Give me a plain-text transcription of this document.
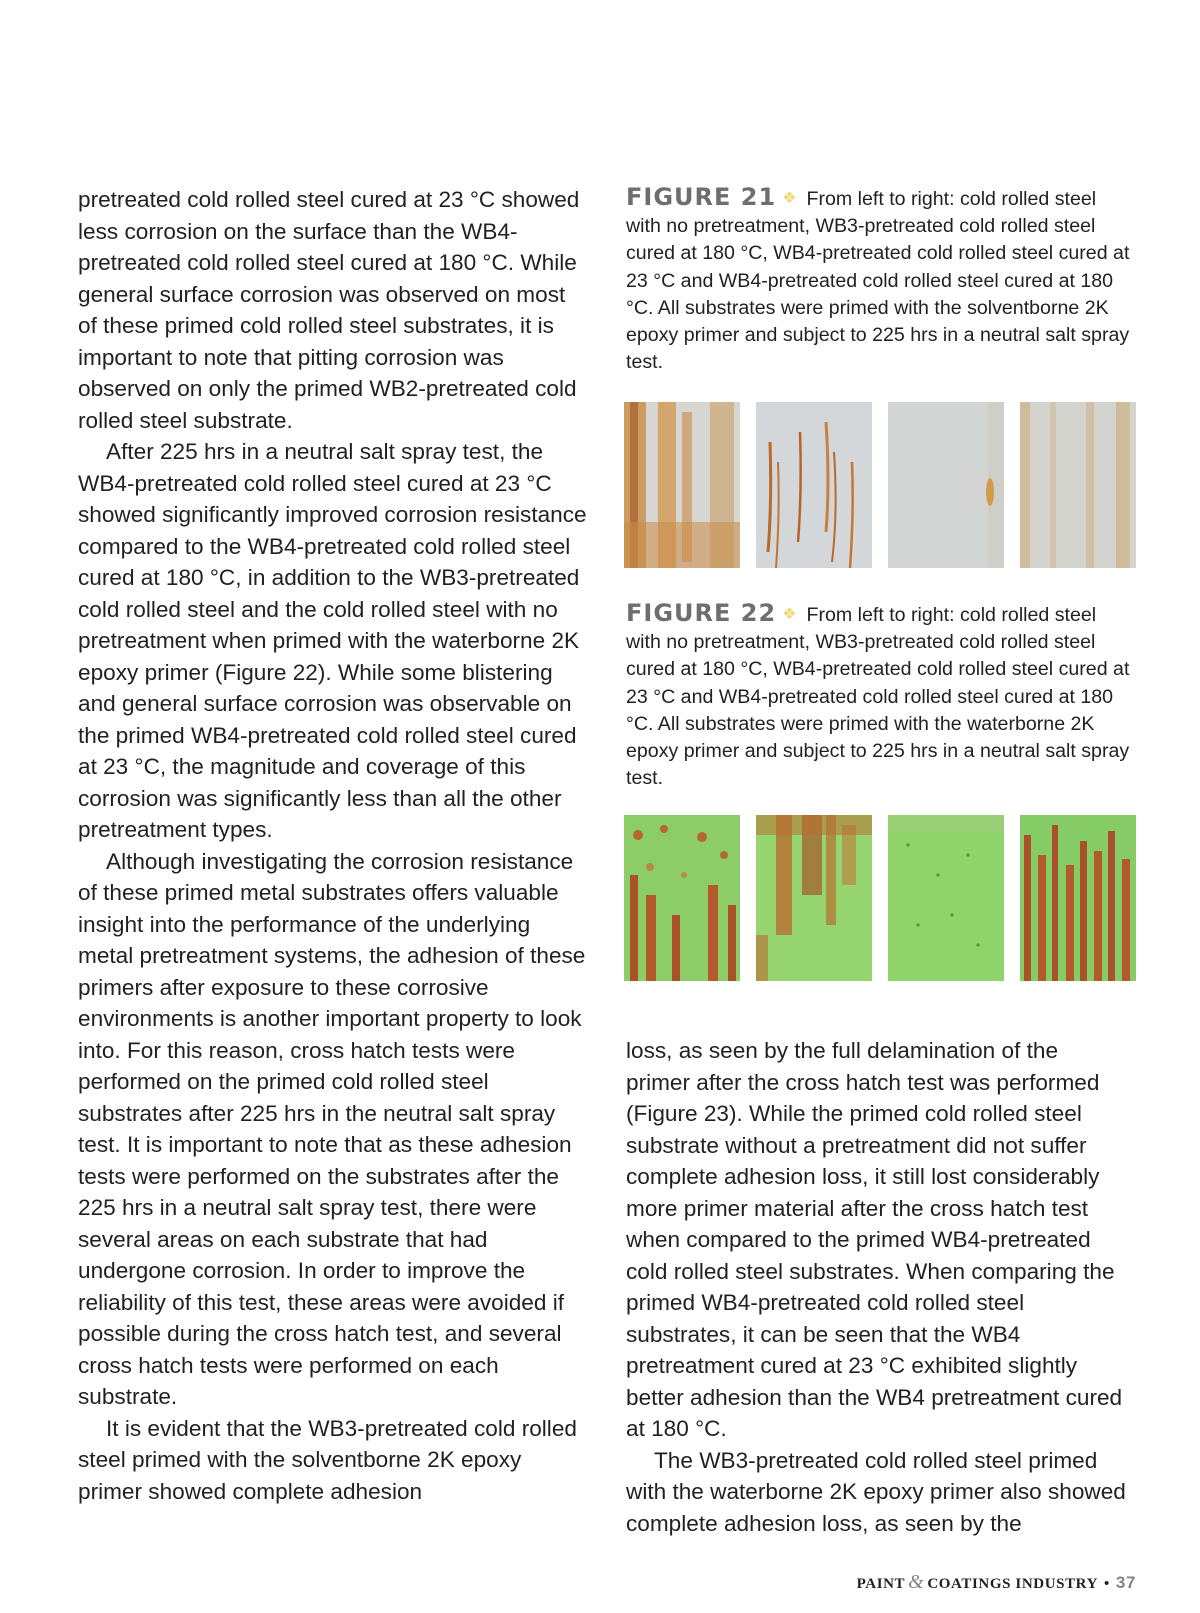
pretreated cold rolled steel cured at 23 °C showed less corrosion on the surface than the WB4-pretreated cold rolled steel cured at 180 °C. While general surface corrosion was observed on most of these primed cold rolled steel substrates, it is important to note that pitting corrosion was observed on only the primed WB2-pretreated cold rolled steel substrate.

After 225 hrs in a neutral salt spray test, the WB4-pretreated cold rolled steel cured at 23 °C showed significantly improved corrosion resistance compared to the WB4-pretreated cold rolled steel cured at 180 °C, in addition to the WB3-pretreated cold rolled steel and the cold rolled steel with no pretreatment when primed with the waterborne 2K epoxy primer (Figure 22). While some blistering and general surface corrosion was observable on the primed WB4-pretreated cold rolled steel cured at 23 °C, the magnitude and coverage of this corrosion was significantly less than all the other pretreatment types.

Although investigating the corrosion resistance of these primed metal substrates offers valuable insight into the performance of the underlying metal pretreatment systems, the adhesion of these primers after exposure to these corrosive environments is another important property to look into. For this reason, cross hatch tests were performed on the primed cold rolled steel substrates after 225 hrs in the neutral salt spray test. It is important to note that as these adhesion tests were performed on the substrates after the 225 hrs in a neutral salt spray test, there were several areas on each substrate that had undergone corrosion. In order to improve the reliability of this test, these areas were avoided if possible during the cross hatch test, and several cross hatch tests were performed on each substrate.

It is evident that the WB3-pretreated cold rolled steel primed with the solventborne 2K epoxy primer showed complete adhesion

FIGURE 21 ❖ From left to right: cold rolled steel with no pretreatment, WB3-pretreated cold rolled steel cured at 180 °C, WB4-pretreated cold rolled steel cured at 23 °C and WB4-pretreated cold rolled steel cured at 180 °C. All substrates were primed with the solventborne 2K epoxy primer and subject to 225 hrs in a neutral salt spray test.
FIGURE 22 ❖ From left to right: cold rolled steel with no pretreatment, WB3-pretreated cold rolled steel cured at 180 °C, WB4-pretreated cold rolled steel cured at 23 °C and WB4-pretreated cold rolled steel cured at 180 °C. All substrates were primed with the waterborne 2K epoxy primer and subject to 225 hrs in a neutral salt spray test.

loss, as seen by the full delamination of the primer after the cross hatch test was performed (Figure 23). While the primed cold rolled steel substrate without a pretreatment did not suffer complete adhesion loss, it still lost considerably more primer material after the cross hatch test when compared to the primed WB4-pretreated cold rolled steel substrates. When comparing the primed WB4-pretreated cold rolled steel substrates, it can be seen that the WB4 pretreatment cured at 23 °C exhibited slightly better adhesion than the WB4 pretreatment cured at 180 °C.

The WB3-pretreated cold rolled steel primed with the waterborne 2K epoxy primer also showed complete adhesion loss, as seen by the

PAINT & COATINGS INDUSTRY • 37
